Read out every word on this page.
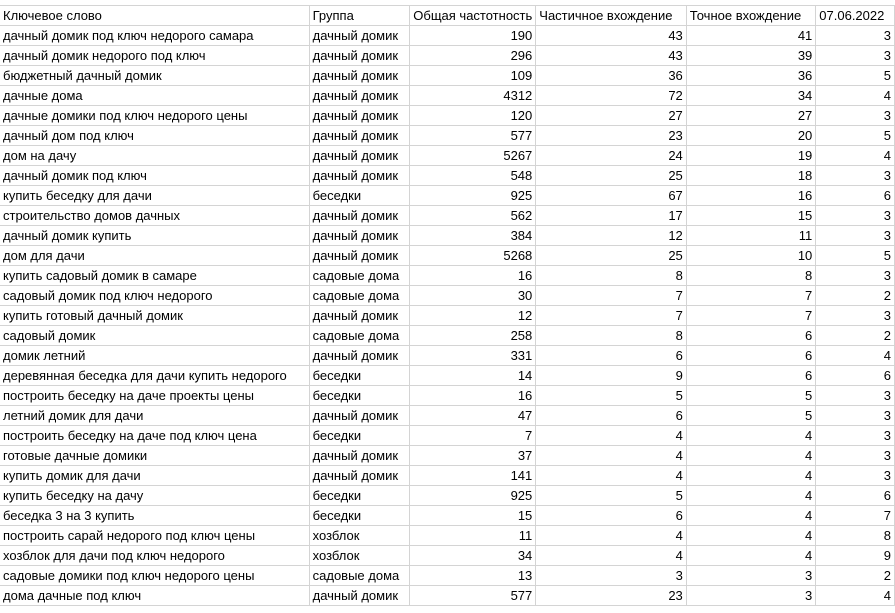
Ключевое слово	Группа	Общая частотность	Частичное вхождение	Точное вхождение	07.06.2022
дачный домик под ключ недорого самара	дачный домик	190	43	41	3
дачный домик недорого под ключ	дачный домик	296	43	39	3
бюджетный дачный домик	дачный домик	109	36	36	5
дачные дома	дачный домик	4312	72	34	4
дачные домики под ключ недорого цены	дачный домик	120	27	27	3
дачный дом под ключ	дачный домик	577	23	20	5
дом на дачу	дачный домик	5267	24	19	4
дачный домик под ключ	дачный домик	548	25	18	3
купить беседку для дачи	беседки	925	67	16	6
строительство домов дачных	дачный домик	562	17	15	3
дачный домик купить	дачный домик	384	12	11	3
дом для дачи	дачный домик	5268	25	10	5
купить садовый домик в самаре	садовые дома	16	8	8	3
садовый домик под ключ недорого	садовые дома	30	7	7	2
купить готовый дачный домик	дачный домик	12	7	7	3
садовый домик	садовые дома	258	8	6	2
домик летний	дачный домик	331	6	6	4
деревянная беседка для дачи купить недорого	беседки	14	9	6	6
построить беседку на даче проекты цены	беседки	16	5	5	3
летний домик для дачи	дачный домик	47	6	5	3
построить беседку на даче под ключ цена	беседки	7	4	4	3
готовые дачные домики	дачный домик	37	4	4	3
купить домик для дачи	дачный домик	141	4	4	3
купить беседку на дачу	беседки	925	5	4	6
беседка 3 на 3 купить	беседки	15	6	4	7
построить сарай недорого под ключ цены	хозблок	11	4	4	8
хозблок для дачи под ключ недорого	хозблок	34	4	4	9
садовые домики под ключ недорого цены	садовые дома	13	3	3	2
дома дачные под ключ	дачный домик	577	23	3	4
